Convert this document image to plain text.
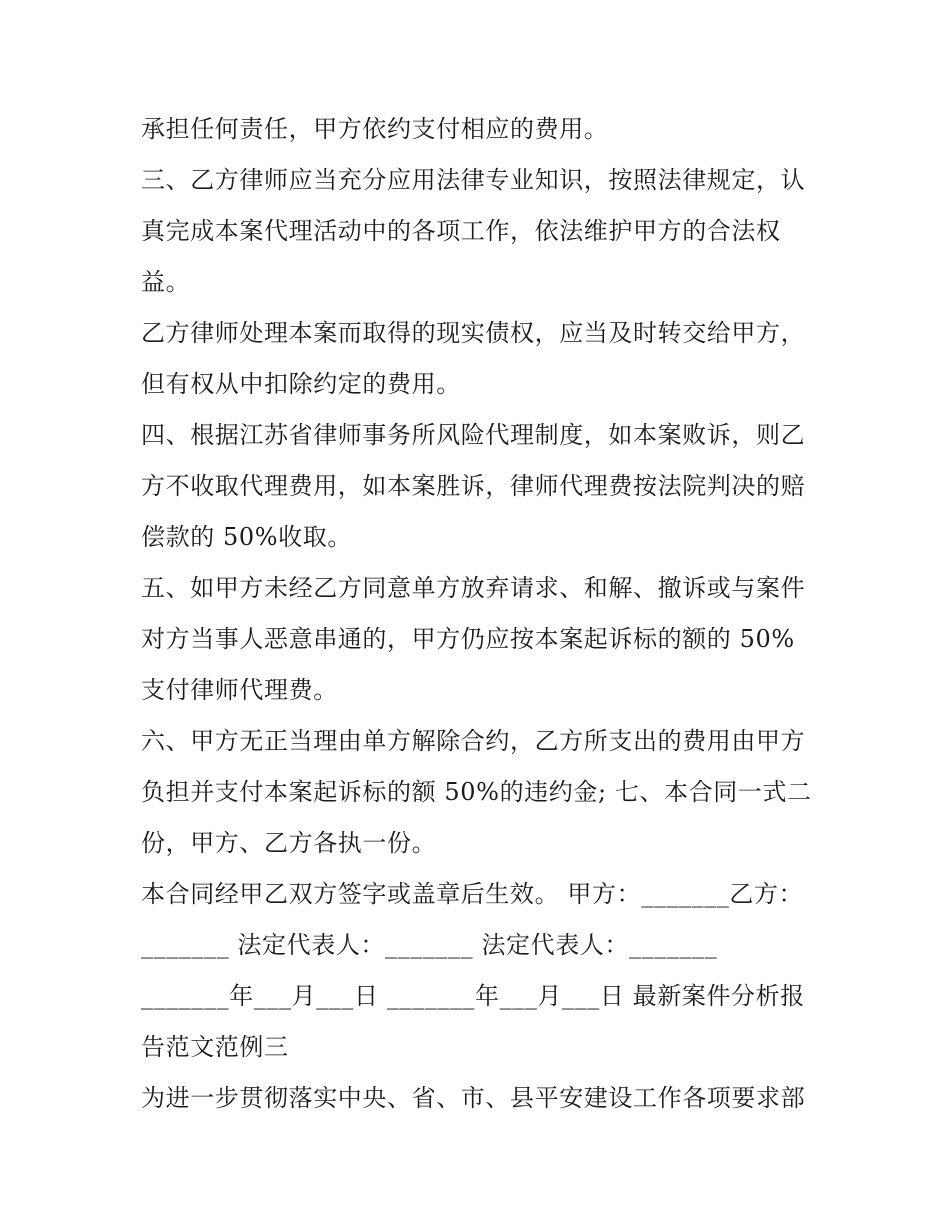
承担任何责任，甲方依约支付相应的费用。
三、乙方律师应当充分应用法律专业知识，按照法律规定，认
真完成本案代理活动中的各项工作，依法维护甲方的合法权
益。
乙方律师处理本案而取得的现实债权，应当及时转交给甲方，
但有权从中扣除约定的费用。
四、根据江苏省律师事务所风险代理制度，如本案败诉，则乙
方不收取代理费用，如本案胜诉，律师代理费按法院判决的赔
偿款的 50%收取。
五、如甲方未经乙方同意单方放弃请求、和解、撤诉或与案件
对方当事人恶意串通的，甲方仍应按本案起诉标的额的 50%
支付律师代理费。
六、甲方无正当理由单方解除合约，乙方所支出的费用由甲方
负担并支付本案起诉标的额 50%的违约金; 七、本合同一式二
份，甲方、乙方各执一份。
本合同经甲乙双方签字或盖章后生效。 甲方：_______乙方：
_______ 法定代表人：_______ 法定代表人：_______
_______年___月___日 _______年___月___日 最新案件分析报
告范文范例三
为进一步贯彻落实中央、省、市、县平安建设工作各项要求部
